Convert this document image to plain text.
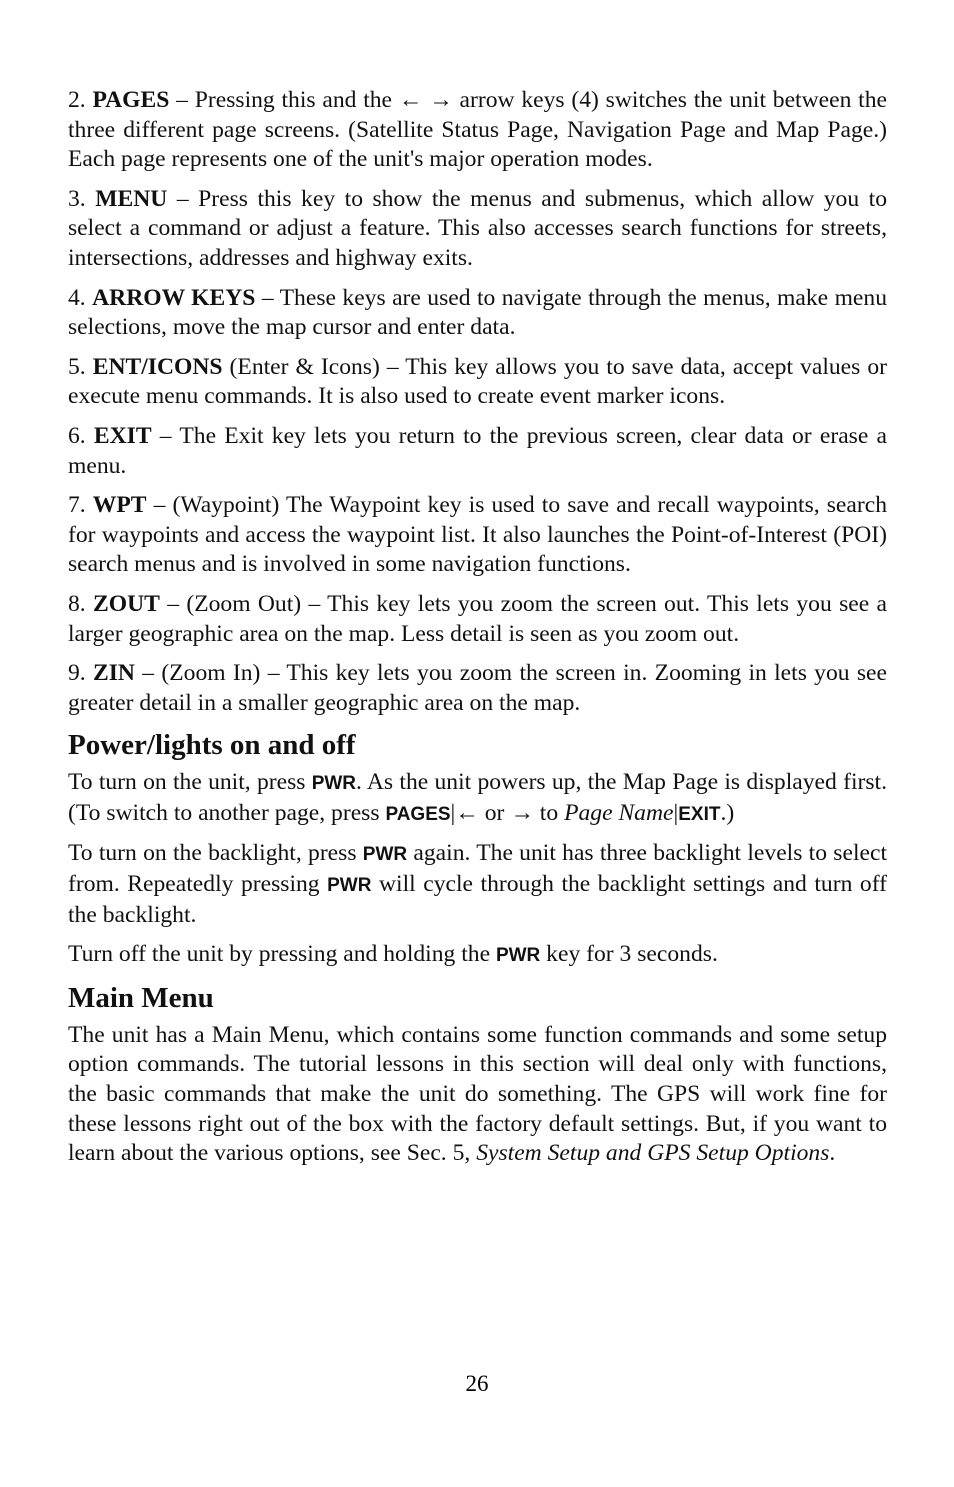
2. PAGES – Pressing this and the ← → arrow keys (4) switches the unit between the three different page screens. (Satellite Status Page, Navigation Page and Map Page.) Each page represents one of the unit's major operation modes.

3. MENU – Press this key to show the menus and submenus, which allow you to select a command or adjust a feature. This also accesses search functions for streets, intersections, addresses and highway exits.

4. ARROW KEYS – These keys are used to navigate through the menus, make menu selections, move the map cursor and enter data.

5. ENT/ICONS (Enter & Icons) – This key allows you to save data, accept values or execute menu commands. It is also used to create event marker icons.

6. EXIT – The Exit key lets you return to the previous screen, clear data or erase a menu.

7. WPT – (Waypoint) The Waypoint key is used to save and recall waypoints, search for waypoints and access the waypoint list. It also launches the Point-of-Interest (POI) search menus and is involved in some navigation functions.

8. ZOUT – (Zoom Out) – This key lets you zoom the screen out. This lets you see a larger geographic area on the map. Less detail is seen as you zoom out.

9. ZIN – (Zoom In) – This key lets you zoom the screen in. Zooming in lets you see greater detail in a smaller geographic area on the map.

Power/lights on and off

To turn on the unit, press PWR. As the unit powers up, the Map Page is displayed first. (To switch to another page, press PAGES|← or → to Page Name|EXIT.)

To turn on the backlight, press PWR again. The unit has three backlight levels to select from. Repeatedly pressing PWR will cycle through the backlight settings and turn off the backlight.

Turn off the unit by pressing and holding the PWR key for 3 seconds.

Main Menu

The unit has a Main Menu, which contains some function commands and some setup option commands. The tutorial lessons in this section will deal only with functions, the basic commands that make the unit do something. The GPS will work fine for these lessons right out of the box with the factory default settings. But, if you want to learn about the various options, see Sec. 5, System Setup and GPS Setup Options.

26
